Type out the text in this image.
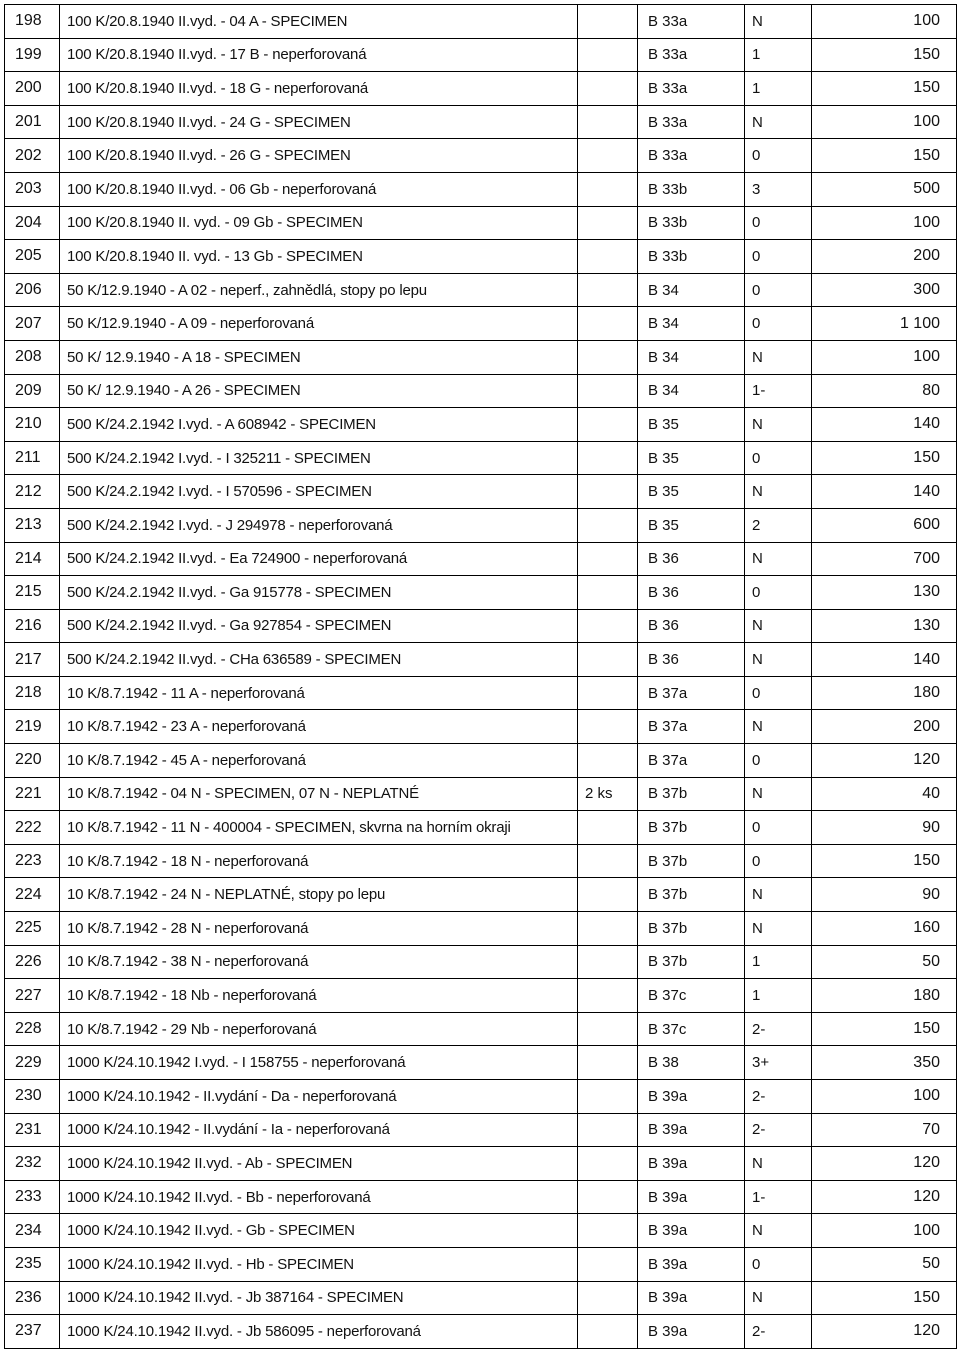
198	100 K/20.8.1940 II.vyd. - 04 A - SPECIMEN		B 33a	N	100
199	100 K/20.8.1940 II.vyd. - 17 B - neperforovaná		B 33a	1	150
200	100 K/20.8.1940 II.vyd. - 18 G - neperforovaná		B 33a	1	150
201	100 K/20.8.1940 II.vyd. - 24 G - SPECIMEN		B 33a	N	100
202	100 K/20.8.1940 II.vyd. - 26 G - SPECIMEN		B 33a	0	150
203	100 K/20.8.1940 II.vyd. - 06 Gb - neperforovaná		B 33b	3	500
204	100 K/20.8.1940 II. vyd. - 09 Gb - SPECIMEN		B 33b	0	100
205	100 K/20.8.1940 II. vyd. - 13 Gb - SPECIMEN		B 33b	0	200
206	50 K/12.9.1940 - A 02 - neperf., zahnědlá, stopy po lepu		B 34	0	300
207	50 K/12.9.1940 - A 09 - neperforovaná		B 34	0	1 100
208	50 K/ 12.9.1940 - A 18 - SPECIMEN		B 34	N	100
209	50 K/ 12.9.1940 - A 26 - SPECIMEN		B 34	1-	80
210	500 K/24.2.1942 I.vyd. - A 608942 - SPECIMEN		B 35	N	140
211	500 K/24.2.1942 I.vyd. - I 325211 - SPECIMEN		B 35	0	150
212	500 K/24.2.1942 I.vyd. - I 570596 - SPECIMEN		B 35	N	140
213	500 K/24.2.1942 I.vyd. - J 294978 - neperforovaná		B 35	2	600
214	500 K/24.2.1942 II.vyd. - Ea 724900 - neperforovaná		B 36	N	700
215	500 K/24.2.1942 II.vyd. - Ga 915778 - SPECIMEN		B 36	0	130
216	500 K/24.2.1942 II.vyd. - Ga 927854 - SPECIMEN		B 36	N	130
217	500 K/24.2.1942 II.vyd. - CHa 636589 - SPECIMEN		B 36	N	140
218	10 K/8.7.1942 - 11 A - neperforovaná		B 37a	0	180
219	10 K/8.7.1942 - 23 A - neperforovaná		B 37a	N	200
220	10 K/8.7.1942 - 45 A - neperforovaná		B 37a	0	120
221	10 K/8.7.1942 - 04 N - SPECIMEN, 07 N - NEPLATNÉ	2 ks	B 37b	N	40
222	10 K/8.7.1942 - 11 N - 400004 - SPECIMEN, skvrna na horním okraji		B 37b	0	90
223	10 K/8.7.1942 - 18 N - neperforovaná		B 37b	0	150
224	10 K/8.7.1942 - 24 N - NEPLATNÉ, stopy po lepu		B 37b	N	90
225	10 K/8.7.1942 - 28 N - neperforovaná		B 37b	N	160
226	10 K/8.7.1942 - 38 N - neperforovaná		B 37b	1	50
227	10 K/8.7.1942 - 18 Nb - neperforovaná		B 37c	1	180
228	10 K/8.7.1942 - 29 Nb - neperforovaná		B 37c	2-	150
229	1000 K/24.10.1942 I.vyd. - I 158755 - neperforovaná		B 38	3+	350
230	1000 K/24.10.1942 - II.vydání - Da - neperforovaná		B 39a	2-	100
231	1000 K/24.10.1942 - II.vydání - Ia - neperforovaná		B 39a	2-	70
232	1000 K/24.10.1942 II.vyd. - Ab - SPECIMEN		B 39a	N	120
233	1000 K/24.10.1942 II.vyd. - Bb - neperforovaná		B 39a	1-	120
234	1000 K/24.10.1942 II.vyd. - Gb - SPECIMEN		B 39a	N	100
235	1000 K/24.10.1942 II.vyd. - Hb - SPECIMEN		B 39a	0	50
236	1000 K/24.10.1942 II.vyd. - Jb 387164 - SPECIMEN		B 39a	N	150
237	1000 K/24.10.1942 II.vyd. - Jb 586095 - neperforovaná		B 39a	2-	120
